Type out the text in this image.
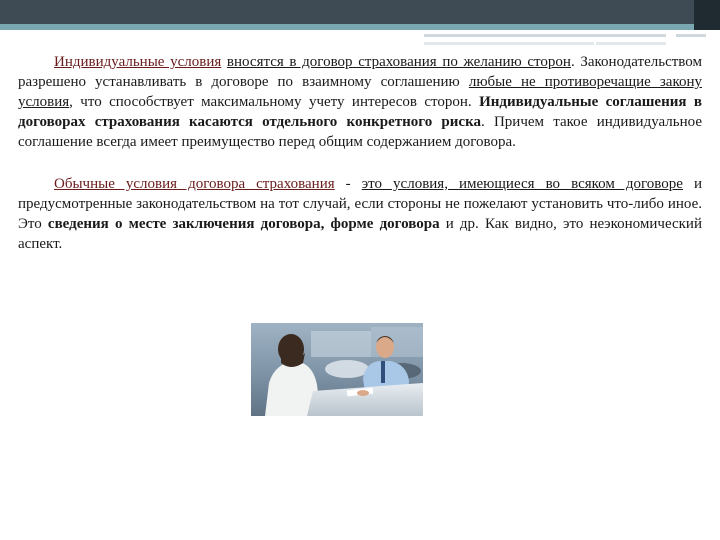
Индивидуальные условия вносятся в договор страхования по желанию сторон. Законодательством разрешено устанавливать в договоре по взаимному соглашению любые не противоречащие закону условия, что способствует максимальному учету интересов сторон. Индивидуальные соглашения в договорах страхования касаются отдельного конкретного риска. Причем такое индивидуальное соглашение всегда имеет преимущество перед общим содержанием договора.

Обычные условия договора страхования - это условия, имеющиеся во всяком договоре и предусмотренные законодательством на тот случай, если стороны не пожелают установить что-либо иное. Это сведения о месте заключения договора, форме договора и др. Как видно, это неэкономический аспект.
